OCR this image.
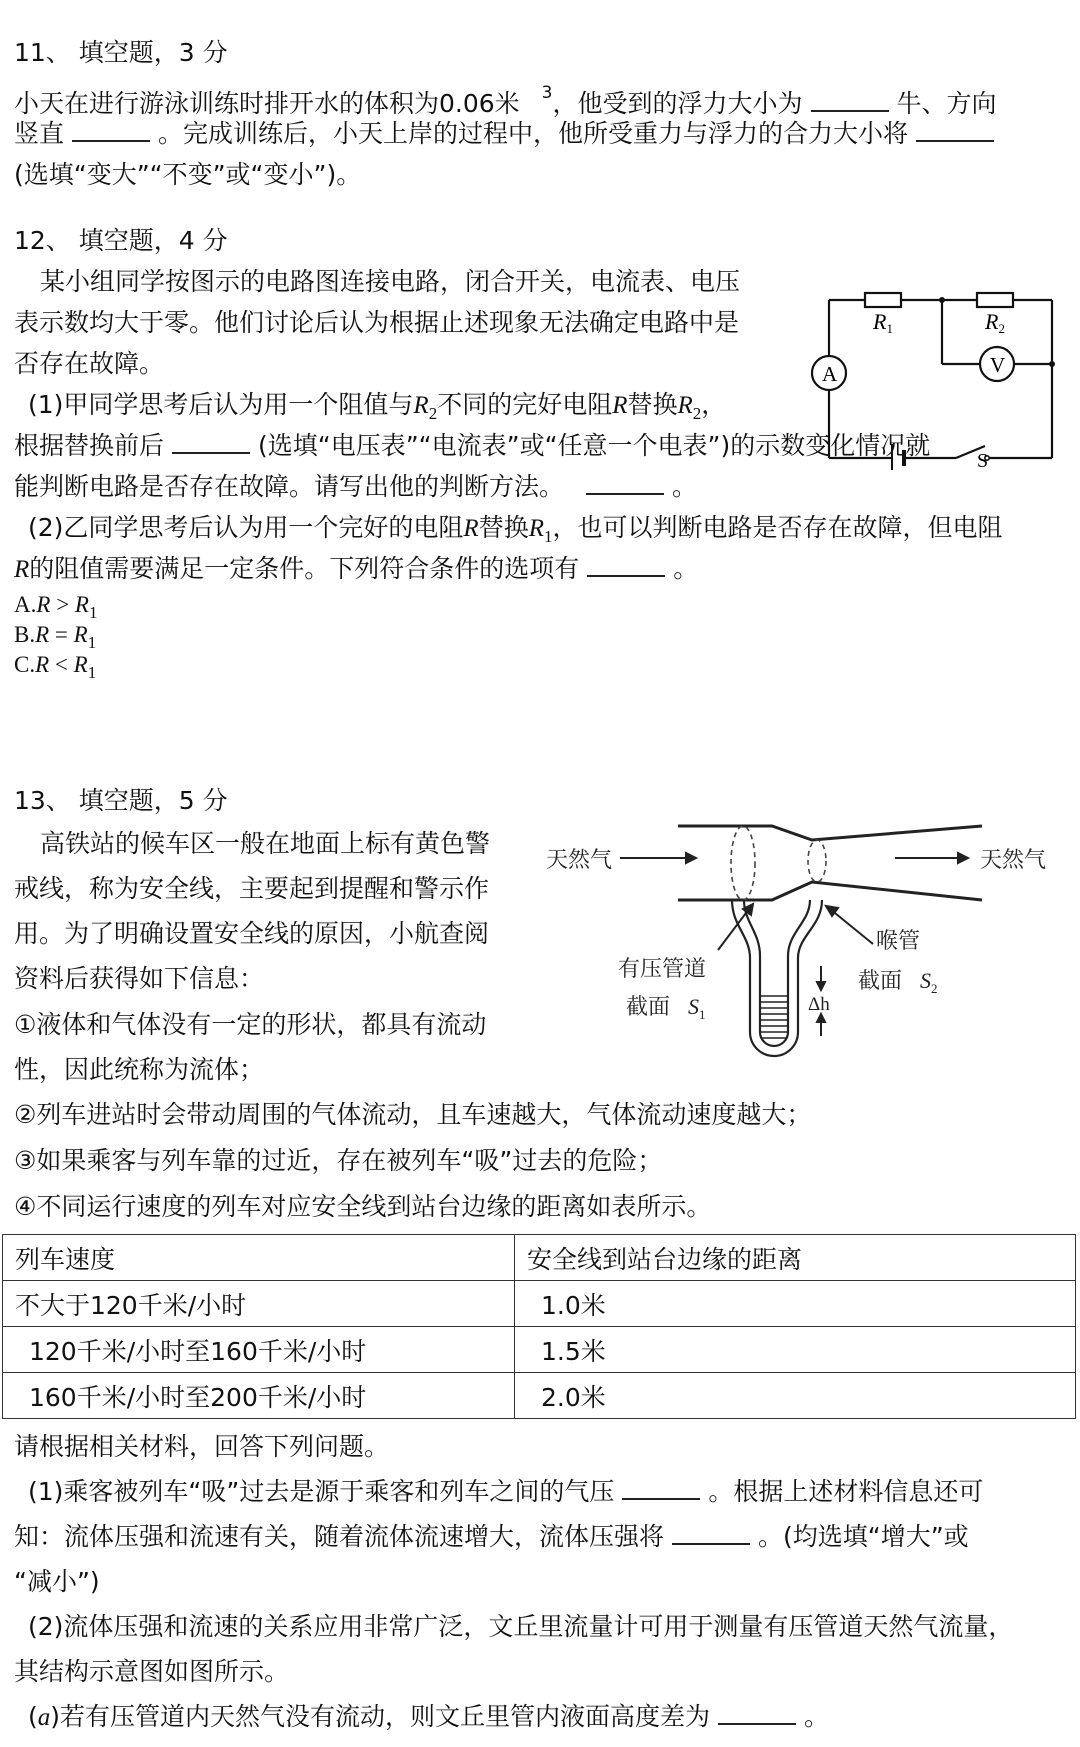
11、 填空题，3 分
小天在进行游泳训练时排开水的体积为0.06米 $^3$，他受到的浮力大小为	牛、方向
竖直	。完成训练后，小天上岸的过程中，他所受重力与浮力的合力大小将
(选填“变大”“不变”或“变小”)。
12、 填空题，4 分
某小组同学按图示的电路图连接电路，闭合开关，电流表、电压
表示数均大于零。他们讨论后认为根据止述现象无法确定电路中是
否存在故障。
(1)甲同学思考后认为用一个阻值与$R_2$不同的完好电阻R替换$R_2$，
根据替换前后	(选填“电压表”“电流表”或“任意一个电表”)的示数变化情况就
能判断电路是否存在故障。请写出他的判断方法。	。
(2)乙同学思考后认为用一个完好的电阻R替换$R_1$，也可以判断电路是否存在故障，但电阻
R的阻值需要满足一定条件。下列符合条件的选项有	。
$A.R > R_1$
$B.R = R_1$
$C.R < R_1$
R1	R2
A	V
S
13、 填空题，5 分
高铁站的候车区一般在地面上标有黄色警
戒线，称为安全线，主要起到提醒和警示作
用。为了明确设置安全线的原因，小航查阅
资料后获得如下信息：
①液体和气体没有一定的形状，都具有流动
性，因此统称为流体；
②列车进站时会带动周围的气体流动，且车速越大，气体流动速度越大；
③如果乘客与列车靠的过近，存在被列车“吸”过去的危险；
④不同运行速度的列车对应安全线到站台边缘的距离如表所示。
天然气	天然气
有压管道
截面
喉管
截面
$S_1$
$S_2$
Δh
列车速度	安全线到站台边缘的距离
不大于120千米/小时	1.0米
120千米/小时至160千米/小时	1.5米
160千米/小时至200千米/小时	2.0米
请根据相关材料，回答下列问题。
(1)乘客被列车“吸”过去是源于乘客和列车之间的气压	。根据上述材料信息还可
知：流体压强和流速有关，随着流体流速增大，流体压强将	。(均选填“增大”或
“减小”)
(2)流体压强和流速的关系应用非常广泛，文丘里流量计可用于测量有压管道天然气流量，
其结构示意图如图所示。
(a)若有压管道内天然气没有流动，则文丘里管内液面高度差为	。
